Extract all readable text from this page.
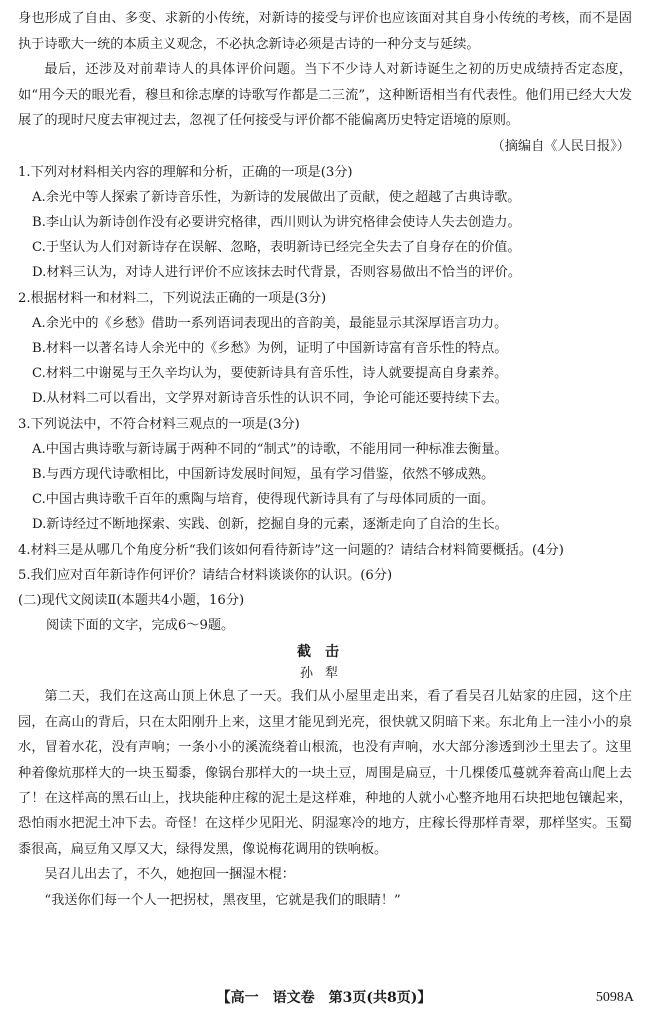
身也形成了自由、多变、求新的小传统，对新诗的接受与评价也应该面对其自身小传统的考核，而不是固执于诗歌大一统的本质主义观念，不必执念新诗必须是古诗的一种分支与延续。

最后，还涉及对前辈诗人的具体评价问题。当下不少诗人对新诗诞生之初的历史成绩持否定态度，如“用今天的眼光看，穆旦和徐志摩的诗歌写作都是二三流”，这种断语相当有代表性。他们用已经大大发展了的现时尺度去审视过去，忽视了任何接受与评价都不能偏离历史特定语境的原则。

（摘编自《人民日报》）

1.下列对材料相关内容的理解和分析，正确的一项是(3分)

A.余光中等人探索了新诗音乐性，为新诗的发展做出了贡献，使之超越了古典诗歌。

B.李山认为新诗创作没有必要讲究格律，西川则认为讲究格律会使诗人失去创造力。

C.于坚认为人们对新诗存在误解、忽略，表明新诗已经完全失去了自身存在的价值。

D.材料三认为，对诗人进行评价不应该抹去时代背景，否则容易做出不恰当的评价。

2.根据材料一和材料二，下列说法正确的一项是(3分)

A.余光中的《乡愁》借助一系列语词表现出的音韵美，最能显示其深厚语言功力。

B.材料一以著名诗人余光中的《乡愁》为例，证明了中国新诗富有音乐性的特点。

C.材料二中谢冕与王久辛均认为，要使新诗具有音乐性，诗人就要提高自身素养。

D.从材料二可以看出，文学界对新诗音乐性的认识不同，争论可能还要持续下去。

3.下列说法中，不符合材料三观点的一项是(3分)

A.中国古典诗歌与新诗属于两种不同的“制式”的诗歌，不能用同一种标准去衡量。

B.与西方现代诗歌相比，中国新诗发展时间短，虽有学习借鉴，依然不够成熟。

C.中国古典诗歌千百年的熏陶与培育，使得现代新诗具有了与母体同质的一面。

D.新诗经过不断地探索、实践、创新，挖掘自身的元素，逐渐走向了自洽的生长。

4.材料三是从哪几个角度分析“我们该如何看待新诗”这一问题的？请结合材料简要概括。(4分)

5.我们应对百年新诗作何评价？请结合材料谈谈你的认识。(6分)

(二)现代文阅读Ⅱ(本题共4小题，16分)

阅读下面的文字，完成6～9题。

截击

孙犁

第二天，我们在这高山顶上休息了一天。我们从小屋里走出来，看了看吴召儿姑家的庄园，这个庄园，在高山的背后，只在太阳刚升上来，这里才能见到光亮，很快就又阴暗下来。东北角上一洼小小的泉水，冒着水花，没有声响；一条小小的溪流绕着山根流，也没有声响，水大部分渗透到沙土里去了。这里种着像炕那样大的一块玉蜀黍，像锅台那样大的一块土豆，周围是扁豆，十几棵倭瓜蔓就奔着高山爬上去了！在这样高的黑石山上，找块能种庄稼的泥土是这样难，种地的人就小心整齐地用石块把地包镶起来，恐怕雨水把泥土冲下去。奇怪！在这样少见阳光、阴湿寒冷的地方，庄稼长得那样青翠，那样坚实。玉蜀黍很高，扁豆角又厚又大，绿得发黑，像说梅花调用的铁响板。

吴召儿出去了，不久，她抱回一捆湿木棍：

“我送你们每一个人一把拐杖，黑夜里，它就是我们的眼睛！”

【高一　语文卷　第3页(共8页)】	5098A
